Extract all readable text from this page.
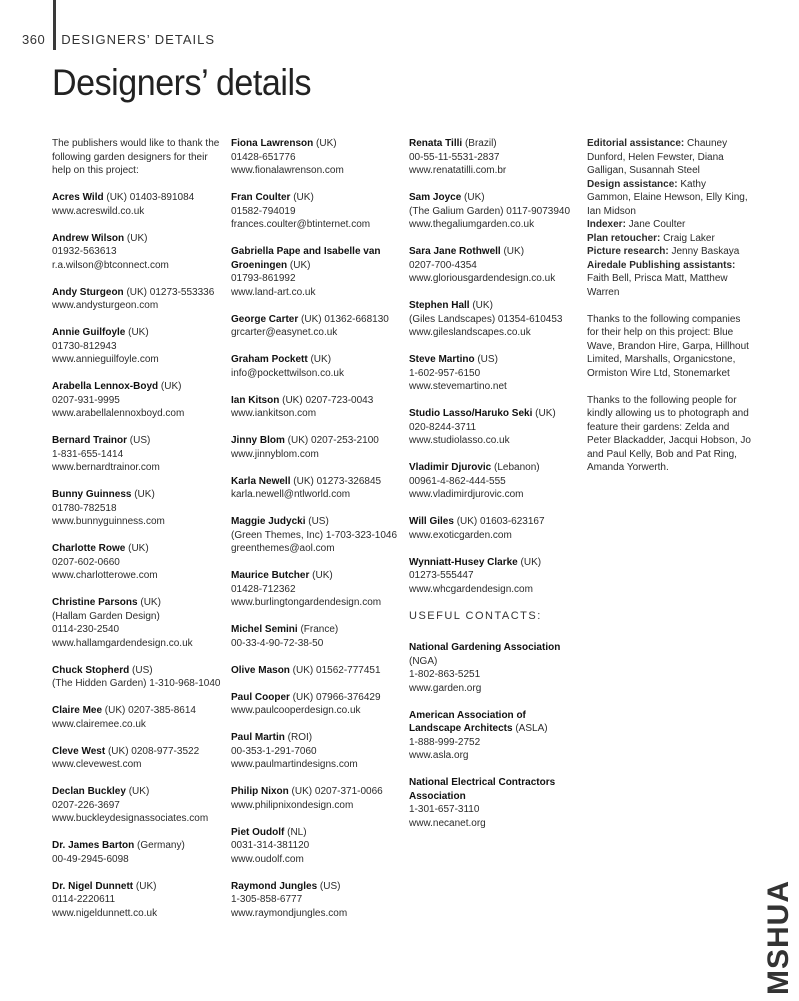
360 DESIGNERS’ DETAILS
Designers’ details
The publishers would like to thank the following garden designers for their help on this project:
Acres Wild (UK) 01403-891084
www.acreswild.co.uk
Andrew Wilson (UK)
01932-563613
r.a.wilson@btconnect.com
Andy Sturgeon (UK) 01273-553336
www.andysturgeon.com
Annie Guilfoyle (UK)
01730-812943
www.annieguilfoyle.com
Arabella Lennox-Boyd (UK)
0207-931-9995
www.arabellalennoxboyd.com
Bernard Trainor (US)
1-831-655-1414
www.bernardtrainor.com
Bunny Guinness (UK)
01780-782518
www.bunnyguinness.com
Charlotte Rowe (UK)
0207-602-0660
www.charlotterowe.com
Christine Parsons (UK)
(Hallam Garden Design)
0114-230-2540
www.hallamgardendesign.co.uk
Chuck Stopherd (US)
(The Hidden Garden) 1-310-968-1040
Claire Mee (UK) 0207-385-8614
www.clairemee.co.uk
Cleve West (UK) 0208-977-3522
www.clevewest.com
Declan Buckley (UK)
0207-226-3697
www.buckleydesignassociates.com
Dr. James Barton (Germany)
00-49-2945-6098
Dr. Nigel Dunnett (UK)
0114-2220611
www.nigeldunnett.co.uk
Fiona Lawrenson (UK)
01428-651776
www.fionalawrenson.com
Fran Coulter (UK)
01582-794019
frances.coulter@btinternet.com
Gabriella Pape and Isabelle van Groeningen (UK)
01793-861992
www.land-art.co.uk
George Carter (UK) 01362-668130
grcarter@easynet.co.uk
Graham Pockett (UK)
info@pockettwilson.co.uk
Ian Kitson (UK) 0207-723-0043
www.iankitson.com
Jinny Blom (UK) 0207-253-2100
www.jinnyblom.com
Karla Newell (UK) 01273-326845
karla.newell@ntlworld.com
Maggie Judycki (US)
(Green Themes, Inc) 1-703-323-1046
greenthemes@aol.com
Maurice Butcher (UK)
01428-712362
www.burlingtongardendesign.com
Michel Semini (France)
00-33-4-90-72-38-50
Olive Mason (UK) 01562-777451
Paul Cooper (UK) 07966-376429
www.paulcooperdesign.co.uk
Paul Martin (ROI)
00-353-1-291-7060
www.paulmartindesigns.com
Philip Nixon (UK) 0207-371-0066
www.philipnixondesign.com
Piet Oudolf (NL)
0031-314-381120
www.oudolf.com
Raymond Jungles (US)
1-305-858-6777
www.raymondjungles.com
Renata Tilli (Brazil)
00-55-11-5531-2837
www.renatatilli.com.br
Sam Joyce (UK)
(The Galium Garden) 0117-9073940
www.thegaliumgarden.co.uk
Sara Jane Rothwell (UK)
0207-700-4354
www.gloriousgardendesign.co.uk
Stephen Hall (UK)
(Giles Landscapes) 01354-610453
www.gileslandscapes.co.uk
Steve Martino (US)
1-602-957-6150
www.stevemartino.net
Studio Lasso/Haruko Seki (UK)
020-8244-3711
www.studiolasso.co.uk
Vladimir Djurovic (Lebanon)
00961-4-862-444-555
www.vladimirdjurovic.com
Will Giles (UK) 01603-623167
www.exoticgarden.com
Wynniatt-Husey Clarke (UK)
01273-555447
www.whcgardendesign.com
USEFUL CONTACTS:
National Gardening Association (NGA)
1-802-863-5251
www.garden.org
American Association of Landscape Architects (ASLA)
1-888-999-2752
www.asla.org
National Electrical Contractors Association
1-301-657-3110
www.necanet.org
Editorial assistance: Chauney Dunford, Helen Fewster, Diana Galligan, Susannah Steel
Design assistance: Kathy Gammon, Elaine Hewson, Elly King, Ian Midson
Indexer: Jane Coulter
Plan retoucher: Craig Laker
Picture research: Jenny Baskaya
Airedale Publishing assistants: Faith Bell, Prisca Matt, Matthew Warren
Thanks to the following companies for their help on this project: Blue Wave, Brandon Hire, Garpa, Hillhout Limited, Marshalls, Organicstone, Ormiston Wire Ltd, Stonemarket
Thanks to the following people for kindly allowing us to photograph and feature their gardens: Zelda and Peter Blackadder, Jacqui Hobson, Jo and Paul Kelly, Bob and Pat Ring, Amanda Yorwerth.
MSHUA
